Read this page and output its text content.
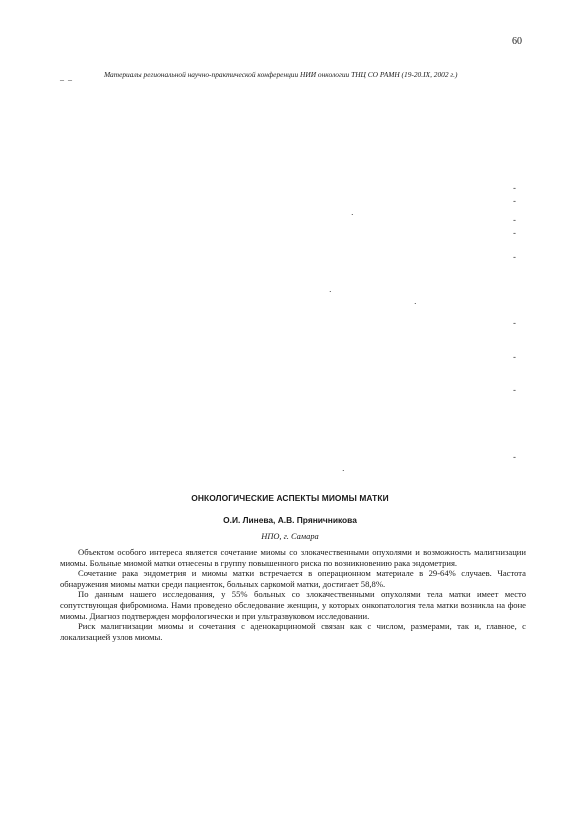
60
_ _	Материалы региональной научно-практической конференции НИИ онкологии ТНЦ СО РАМН (19-20.IX, 2002 г.)
-
-
.
-
-
-
.
.
-
-
-
-
.
ОНКОЛОГИЧЕСКИЕ АСПЕКТЫ МИОМЫ МАТКИ
О.И. Линева, А.В. Пряничникова
НПО, г. Самара

Объектом особого интереса является сочетание миомы со злокачественными опухолями и возможность малигнизации миомы. Больные миомой матки отнесены в группу повышенного риска по возникновению рака эндометрия.

Сочетание рака эндометрия и миомы матки встречается в операционном материале в 29-64% случаев. Частота обнаружения миомы матки среди пациенток, больных саркомой матки, достигает 58,8%.

По данным нашего исследования, у 55% больных со злокачественными опухолями тела матки имеет место сопутствующая фибромиома. Нами проведено обследование женщин, у которых онкопатология тела матки возникла на фоне миомы. Диагноз подтвержден морфологически и при ультразвуковом исследовании.

Риск малигнизации миомы и сочетания с аденокарциномой связан как с числом, размерами, так и, главное, с локализацией узлов миомы.
